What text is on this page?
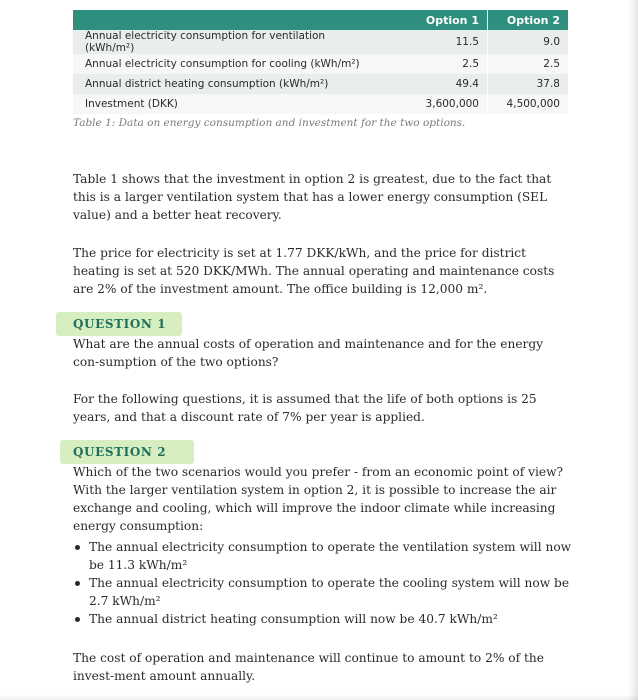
	Option 1	Option 2
Annual electricity consumption for ventilation (kWh/m²)	11.5	9.0
Annual electricity consumption for cooling (kWh/m²)	2.5	2.5
Annual district heating consumption (kWh/m²)	49.4	37.8
Investment (DKK)	3,600,000	4,500,000
Table 1: Data on energy consumption and investment for the two options.

Table 1 shows that the investment in option 2 is greatest, due to the fact that this is a larger ventilation system that has a lower energy consumption (SEL value) and a better heat recovery.

The price for electricity is set at 1.77 DKK/kWh, and the price for district heating is set at 520 DKK/MWh. The annual operating and maintenance costs are 2% of the investment amount. The office building is 12,000 m².

QUESTION 1

What are the annual costs of operation and maintenance and for the energy con-sumption of the two options?

For the following questions, it is assumed that the life of both options is 25 years, and that a discount rate of 7% per year is applied.

QUESTION 2

Which of the two scenarios would you prefer - from an economic point of view? With the larger ventilation system in option 2, it is possible to increase the air exchange and cooling, which will improve the indoor climate while increasing energy consumption:

The annual electricity consumption to operate the ventilation system will now be 11.3 kWh/m²
The annual electricity consumption to operate the cooling system will now be 2.7 kWh/m²
The annual district heating consumption will now be 40.7 kWh/m²

The cost of operation and maintenance will continue to amount to 2% of the invest-ment amount annually.
